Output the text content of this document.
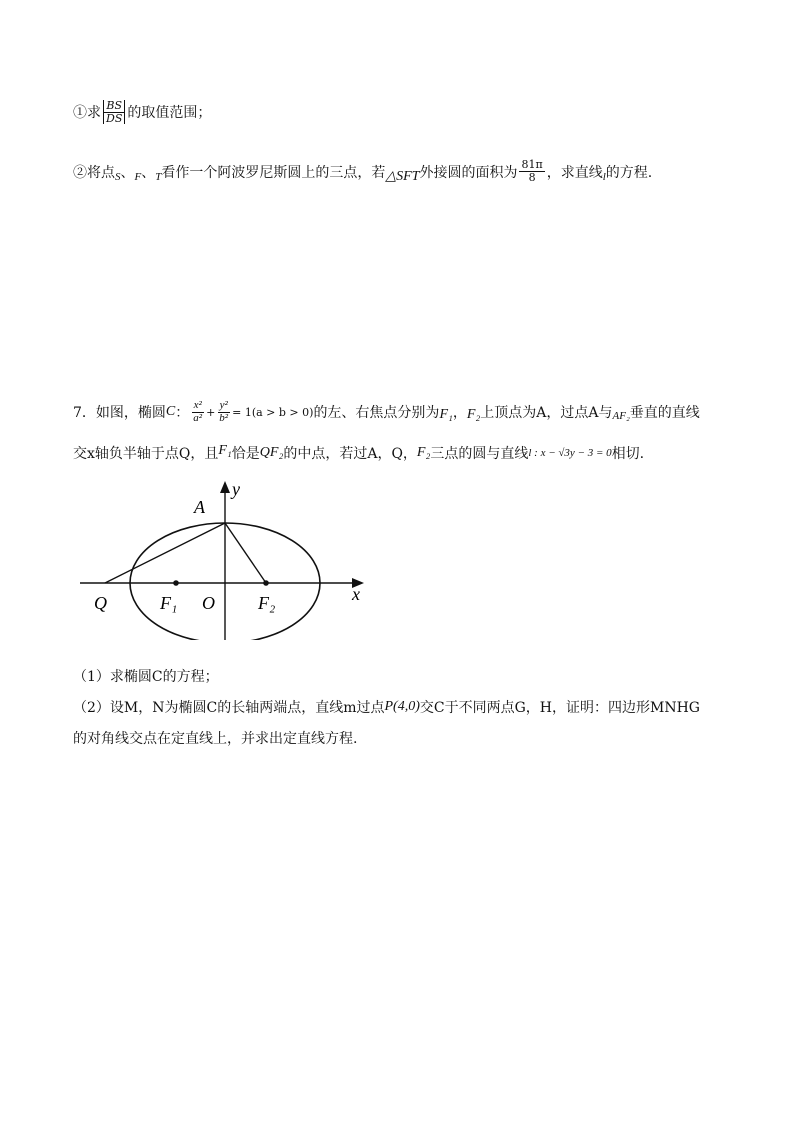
①求 $\frac{BS}{DS}$ 的取值范围；
②将点 S 、 F 、 T 看作一个阿波罗尼斯圆上的三点，若 △SFT 外接圆的面积为 $\frac{81\pi}{8}$ ，求直线 l 的方程.
7．如图，椭圆 C ： $\frac{\text{x²}}{\text{a²}} + \frac{\text{y²}}{\text{b²}} = 1(a > b > 0)$ 的左、右焦点分别为 F₁ ， F₂ 上顶点为A，过点A与 AF₂ 垂直的直线
交x轴负半轴于点Q，且 F₁ 恰是 QF₂ 的中点，若过A，Q， F₂ 三点的圆与直线 l : x − √3y − 3 = 0 相切.
A
y
x
Q	F₁ O F₂
（1）求椭圆C的方程；
（2）设M，N为椭圆C的长轴两端点，直线m过点 P(4,0) 交C于不同两点G，H，证明：四边形MNHG
的对角线交点在定直线上，并求出定直线方程.
